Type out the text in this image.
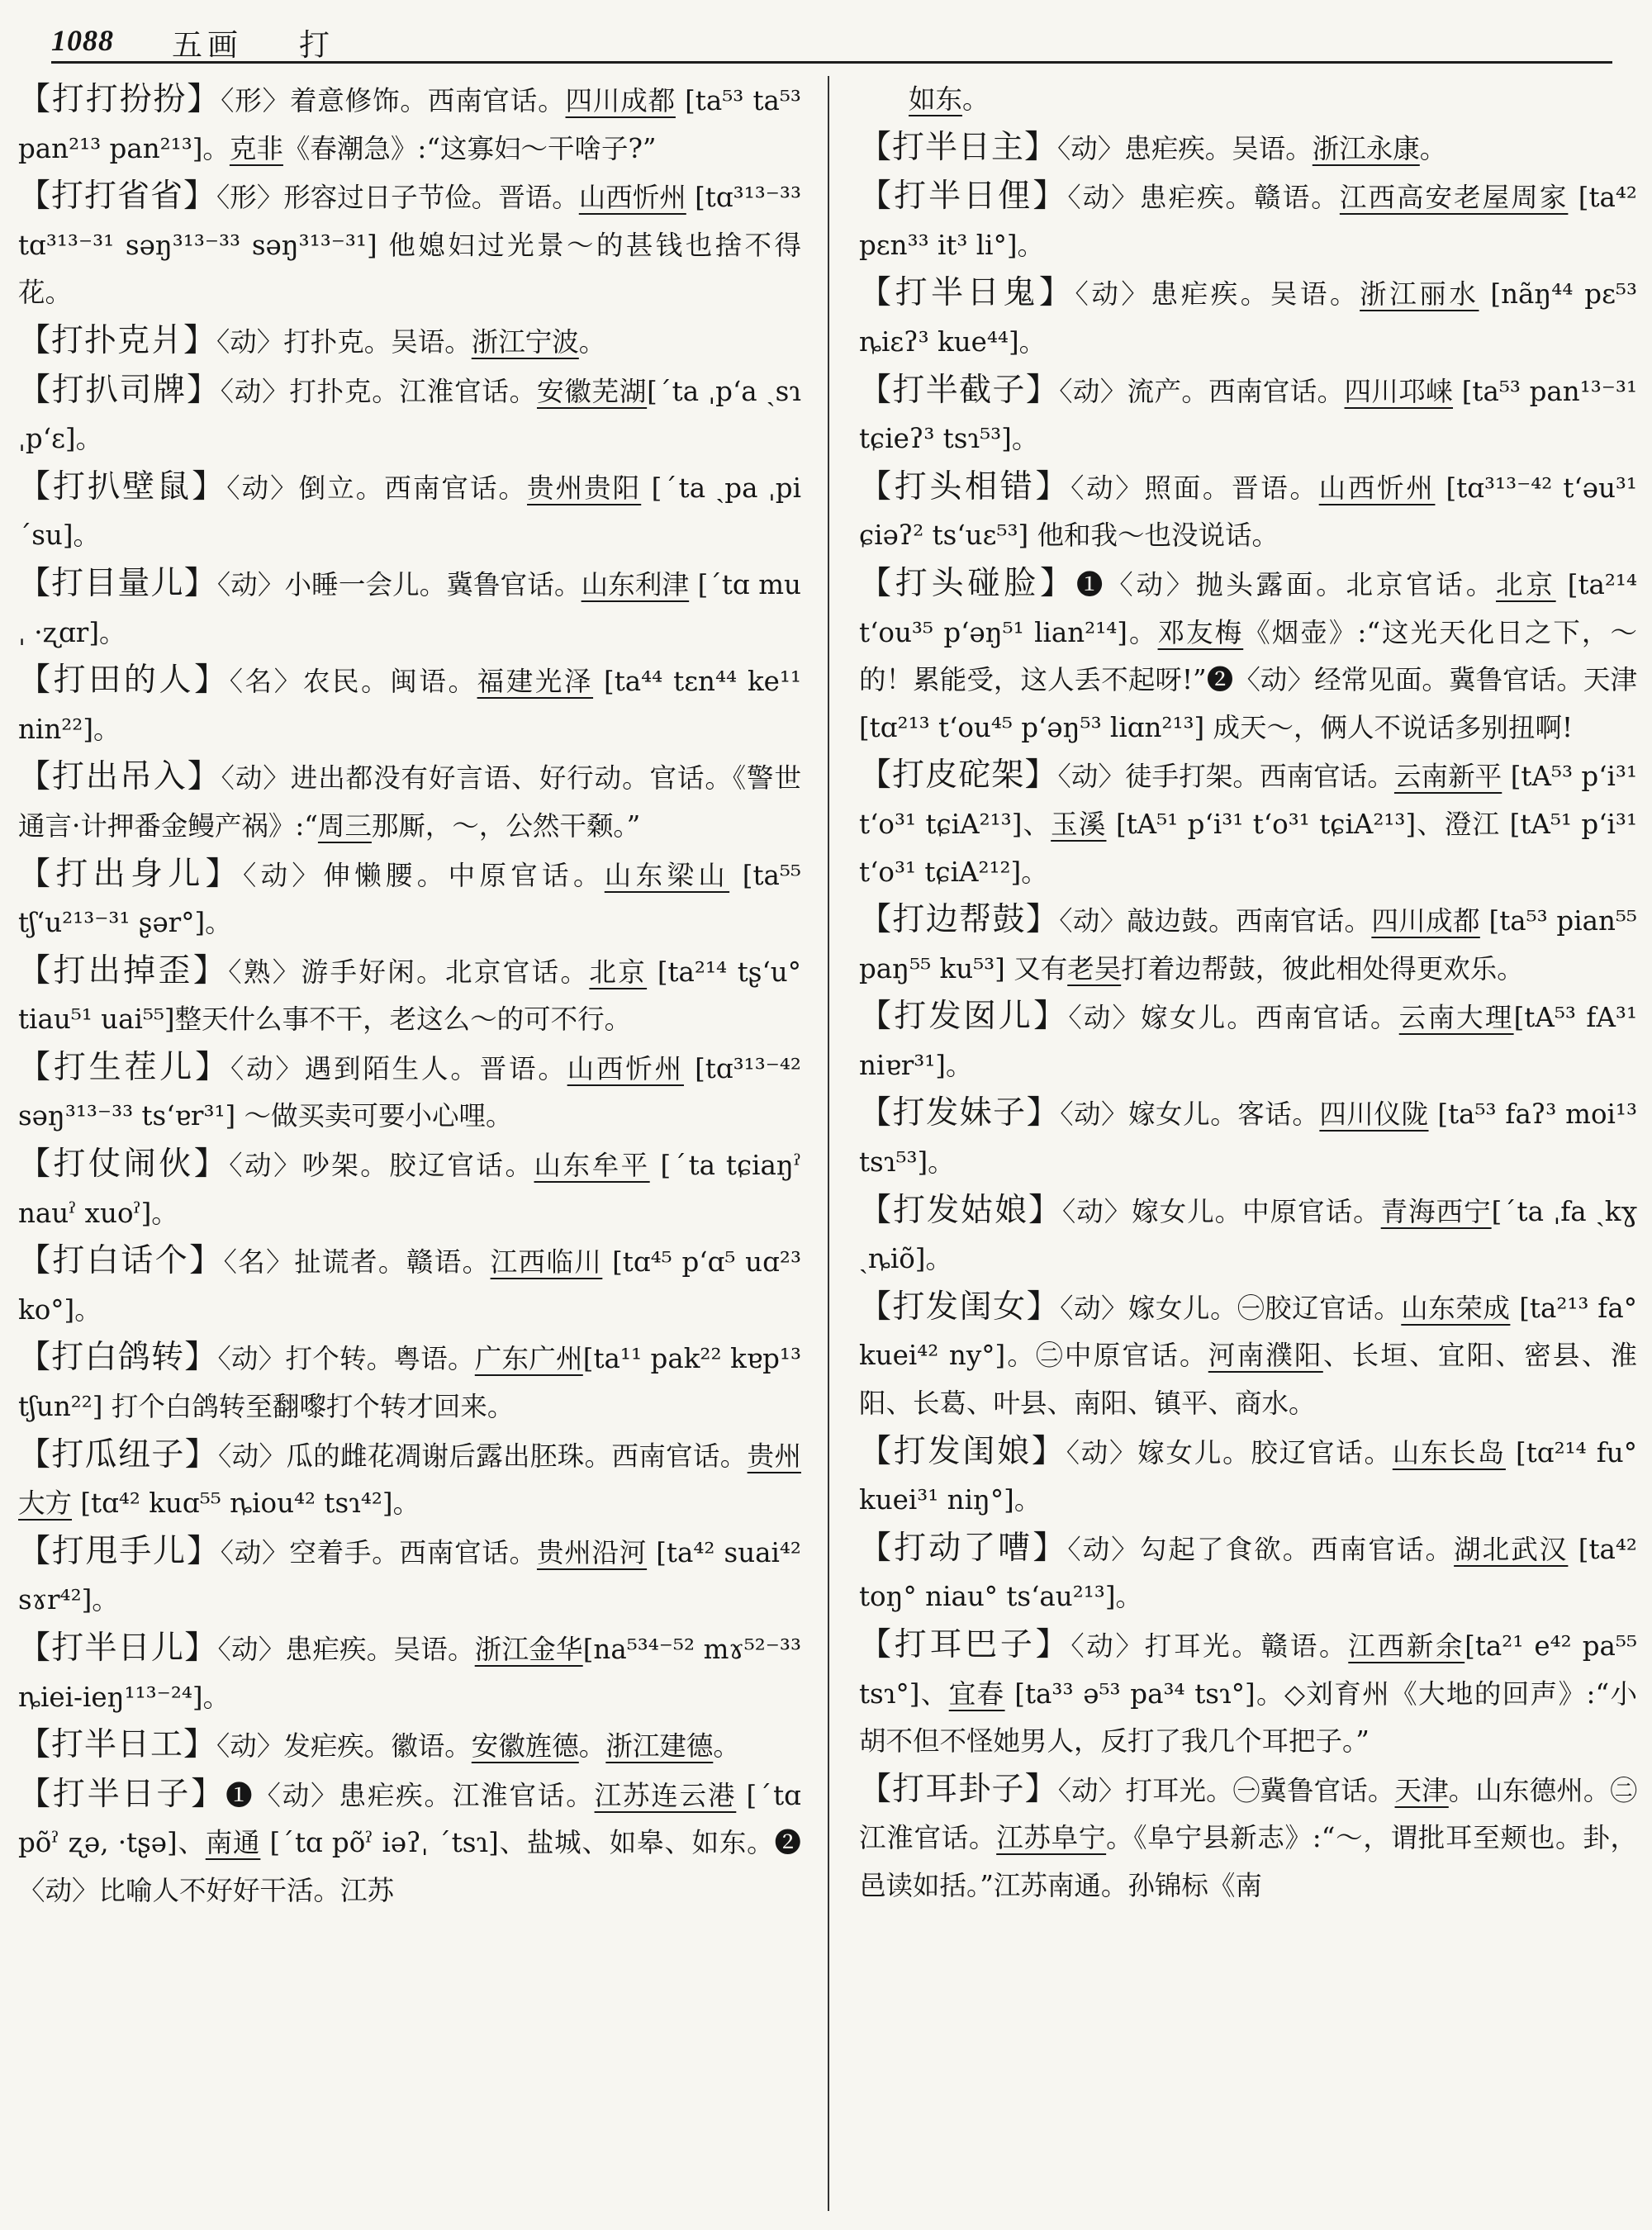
1088 五画 打

【打打扮扮】〈形〉着意修饰。西南官话。四川成都 [ta⁵³ ta⁵³ pan²¹³ pan²¹³]。克非《春潮急》:“这寡妇～干啥子?”

【打打省省】〈形〉形容过日子节俭。晋语。山西忻州 [tɑ³¹³⁻³³ tɑ³¹³⁻³¹ səŋ³¹³⁻³³ səŋ³¹³⁻³¹] 他媳妇过光景～的甚钱也捨不得花。

【打扑克爿】〈动〉打扑克。吴语。浙江宁波。

【打扒司牌】〈动〉打扑克。江淮官话。安徽芜湖[ˊta ˌpʻa ˏsɿ ˌpʻɛ]。

【打扒壁鼠】〈动〉倒立。西南官话。贵州贵阳 [ˊta ˏpa ˌpi ˊsu]。

【打目量儿】〈动〉小睡一会儿。冀鲁官话。山东利津 [ˊtɑ muˌ ·ʐɑr]。

【打田的人】〈名〉农民。闽语。福建光泽 [ta⁴⁴ tɛn⁴⁴ ke¹¹ nin²²]。

【打出吊入】〈动〉进出都没有好言语、好行动。官话。《警世通言·计押番金鳗产祸》:“周三那厮，～，公然干颡。”

【打出身儿】〈动〉伸懒腰。中原官话。山东梁山 [ta⁵⁵ tʃʻu²¹³⁻³¹ ʂər°]。

【打出掉歪】〈熟〉游手好闲。北京官话。北京 [ta²¹⁴ tʂʻu° tiau⁵¹ uai⁵⁵]整天什么事不干，老这么～的可不行。

【打生茬儿】〈动〉遇到陌生人。晋语。山西忻州 [tɑ³¹³⁻⁴² səŋ³¹³⁻³³ tsʻɐr³¹] ～做买卖可要小心哩。

【打仗闹伙】〈动〉吵架。胶辽官话。山东牟平 [ˊta tɕiaŋˀ nauˀ xuoˀ]。

【打白话个】〈名〉扯谎者。赣语。江西临川 [tɑ⁴⁵ pʻɑ⁵ uɑ²³ ko°]。

【打白鸽转】〈动〉打个转。粤语。广东广州[ta¹¹ pak²² kɐp¹³ tʃun²²] 打个白鸽转至翻嚟打个转才回来。

【打瓜纽子】〈动〉瓜的雌花凋谢后露出胚珠。西南官话。贵州大方 [tɑ⁴² kuɑ⁵⁵ ȵiou⁴² tsɿ⁴²]。

【打甩手儿】〈动〉空着手。西南官话。贵州沿河 [ta⁴² suai⁴² sɤr⁴²]。

【打半日儿】〈动〉患疟疾。吴语。浙江金华[na⁵³⁴⁻⁵² mɤ⁵²⁻³³ ȵiei-ieŋ¹¹³⁻²⁴]。

【打半日工】〈动〉发疟疾。徽语。安徽旌德。浙江建德。

【打半日子】❶〈动〉患疟疾。江淮官话。江苏连云港 [ˊtɑ põˀ ʐə, ·tʂə]、南通 [ˊtɑ põˀ iəʔˌ ˊtsɿ]、盐城、如皋、如东。❷〈动〉比喻人不好好干活。江苏

如东。

【打半日主】〈动〉患疟疾。吴语。浙江永康。

【打半日俚】〈动〉患疟疾。赣语。江西高安老屋周家 [ta⁴² pɛn³³ it³ li°]。

【打半日鬼】〈动〉患疟疾。吴语。浙江丽水 [nãŋ⁴⁴ pɛ⁵³ ȵiɛʔ³ kue⁴⁴]。

【打半截子】〈动〉流产。西南官话。四川邛崃 [ta⁵³ pan¹³⁻³¹ tɕieʔ³ tsɿ⁵³]。

【打头相错】〈动〉照面。晋语。山西忻州 [tɑ³¹³⁻⁴² tʻəu³¹ ɕiəʔ² tsʻuɛ⁵³] 他和我～也没说话。

【打头碰脸】❶〈动〉抛头露面。北京官话。北京 [ta²¹⁴ tʻou³⁵ pʻəŋ⁵¹ lian²¹⁴]。邓友梅《烟壶》:“这光天化日之下，～的！累能受，这人丢不起呀!”❷〈动〉经常见面。冀鲁官话。天津[tɑ²¹³ tʻou⁴⁵ pʻəŋ⁵³ liɑn²¹³] 成天～，俩人不说话多别扭啊!

【打皮砣架】〈动〉徒手打架。西南官话。云南新平 [tA⁵³ pʻi³¹ tʻo³¹ tɕiA²¹³]、玉溪 [tA⁵¹ pʻi³¹ tʻo³¹ tɕiA²¹³]、澄江 [tA⁵¹ pʻi³¹ tʻo³¹ tɕiA²¹²]。

【打边帮鼓】〈动〉敲边鼓。西南官话。四川成都 [ta⁵³ pian⁵⁵ paŋ⁵⁵ ku⁵³] 又有老吴打着边帮鼓，彼此相处得更欢乐。

【打发囡儿】〈动〉嫁女儿。西南官话。云南大理[tA⁵³ fA³¹ niɐr³¹]。

【打发妹子】〈动〉嫁女儿。客话。四川仪陇 [ta⁵³ faʔ³ moi¹³ tsɿ⁵³]。

【打发姑娘】〈动〉嫁女儿。中原官话。青海西宁[ˊta ˌfa ˏkɣ ˏȵiõ]。

【打发闺女】〈动〉嫁女儿。㊀胶辽官话。山东荣成 [ta²¹³ fa° kuei⁴² ny°]。㊁中原官话。河南濮阳、长垣、宜阳、密县、淮阳、长葛、叶县、南阳、镇平、商水。

【打发闺娘】〈动〉嫁女儿。胶辽官话。山东长岛 [tɑ²¹⁴ fu° kuei³¹ niŋ°]。

【打动了嘈】〈动〉勾起了食欲。西南官话。湖北武汉 [ta⁴² toŋ° niau° tsʻau²¹³]。

【打耳巴子】〈动〉打耳光。赣语。江西新余[ta²¹ e⁴² pa⁵⁵ tsɿ°]、宜春 [ta³³ ə⁵³ pa³⁴ tsɿ°]。◇刘育州《大地的回声》:“小胡不但不怪她男人，反打了我几个耳把子。”

【打耳卦子】〈动〉打耳光。㊀冀鲁官话。天津。山东德州。㊁江淮官话。江苏阜宁。《阜宁县新志》:“～，谓批耳至颊也。卦，邑读如括。”江苏南通。孙锦标《南
